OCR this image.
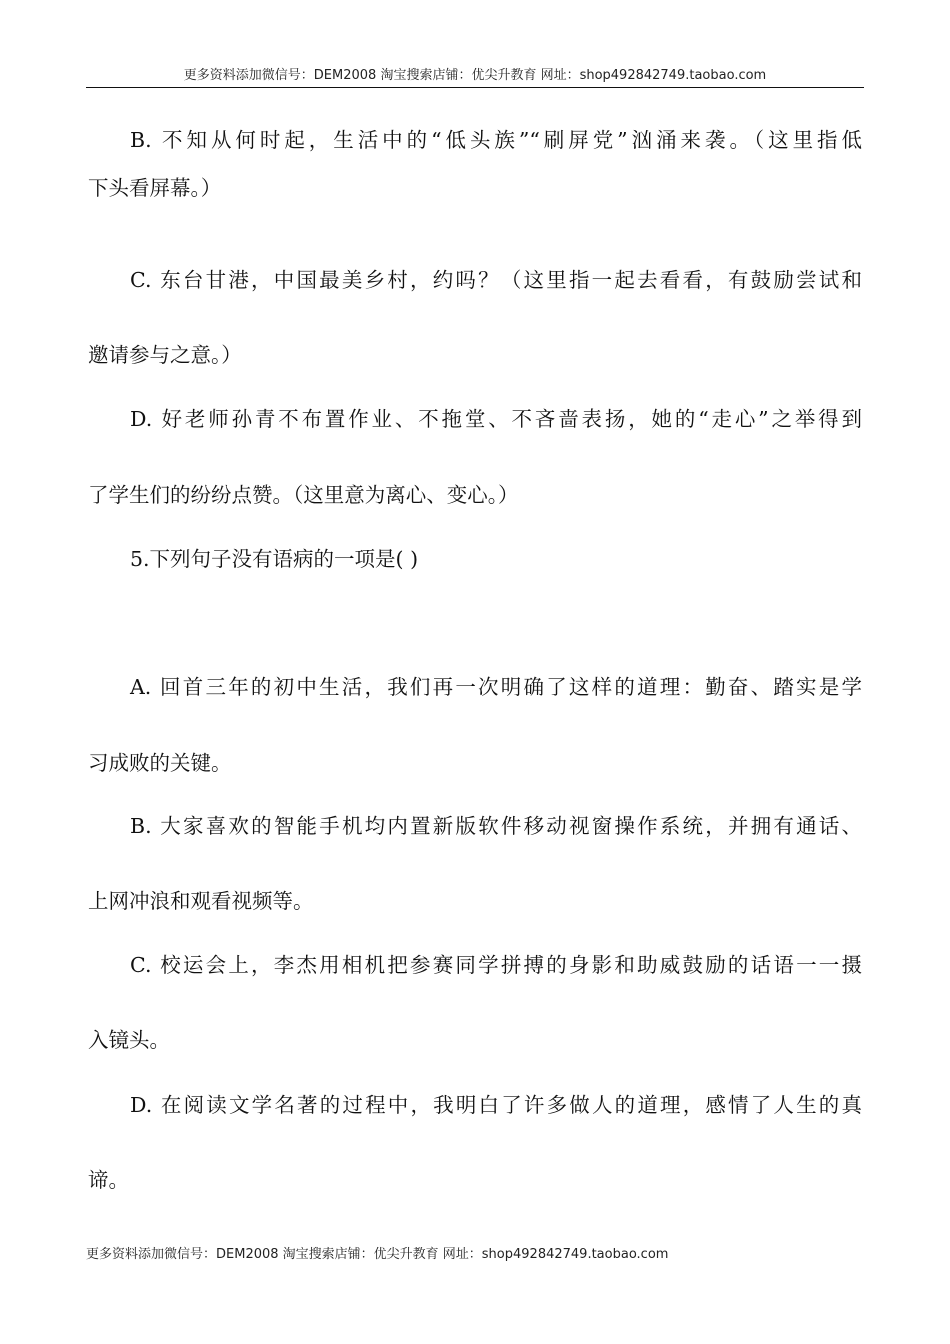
更多资料添加微信号：DEM2008 淘宝搜索店铺：优尖升教育 网址：shop492842749.taobao.com
B. 不知从何时起，生活中的“低头族”“刷屏党”汹涌来袭。（这里指低
下头看屏幕。）
C. 东台甘港，中国最美乡村，约吗？（这里指一起去看看，有鼓励尝试和
邀请参与之意。）
D. 好老师孙青不布置作业、不拖堂、不吝啬表扬，她的“走心”之举得到
了学生们的纷纷点赞。（这里意为离心、变心。）
5.下列句子没有语病的一项是( )
A. 回首三年的初中生活，我们再一次明确了这样的道理：勤奋、踏实是学
习成败的关键。
B. 大家喜欢的智能手机均内置新版软件移动视窗操作系统，并拥有通话、
上网冲浪和观看视频等。
C. 校运会上，李杰用相机把参赛同学拼搏的身影和助威鼓励的话语一一摄
入镜头。
D. 在阅读文学名著的过程中，我明白了许多做人的道理，感情了人生的真
谛。
更多资料添加微信号：DEM2008 淘宝搜索店铺：优尖升教育 网址：shop492842749.taobao.com
